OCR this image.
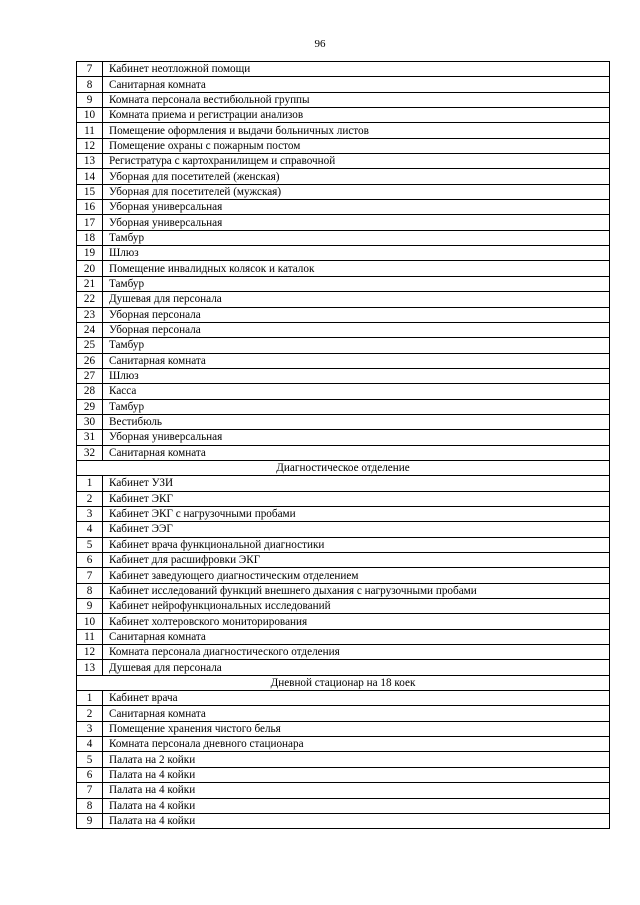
96
7	Кабинет неотложной помощи
8	Санитарная комната
9	Комната персонала вестибюльной группы
10	Комната приема и регистрации анализов
11	Помещение оформления и выдачи больничных листов
12	Помещение охраны с пожарным постом
13	Регистратура с картохранилищем и справочной
14	Уборная для посетителей (женская)
15	Уборная для посетителей (мужская)
16	Уборная универсальная
17	Уборная универсальная
18	Тамбур
19	Шлюз
20	Помещение инвалидных колясок и каталок
21	Тамбур
22	Душевая для персонала
23	Уборная персонала
24	Уборная персонала
25	Тамбур
26	Санитарная комната
27	Шлюз
28	Касса
29	Тамбур
30	Вестибюль
31	Уборная универсальная
32	Санитарная комната
Диагностическое отделение	
1	Кабинет УЗИ
2	Кабинет ЭКГ
3	Кабинет ЭКГ с нагрузочными пробами
4	Кабинет ЭЭГ
5	Кабинет врача функциональной диагностики
6	Кабинет для расшифровки ЭКГ
7	Кабинет заведующего диагностическим отделением
8	Кабинет исследований функций внешнего дыхания с нагрузочными пробами
9	Кабинет нейрофункциональных исследований
10	Кабинет холтеровского мониторирования
11	Санитарная комната
12	Комната персонала диагностического отделения
13	Душевая для персонала
Дневной стационар на 18 коек	
1	Кабинет врача
2	Санитарная комната
3	Помещение хранения чистого белья
4	Комната персонала дневного стационара
5	Палата на 2 койки
6	Палата на 4 койки
7	Палата на 4 койки
8	Палата на 4 койки
9	Палата на 4 койки
